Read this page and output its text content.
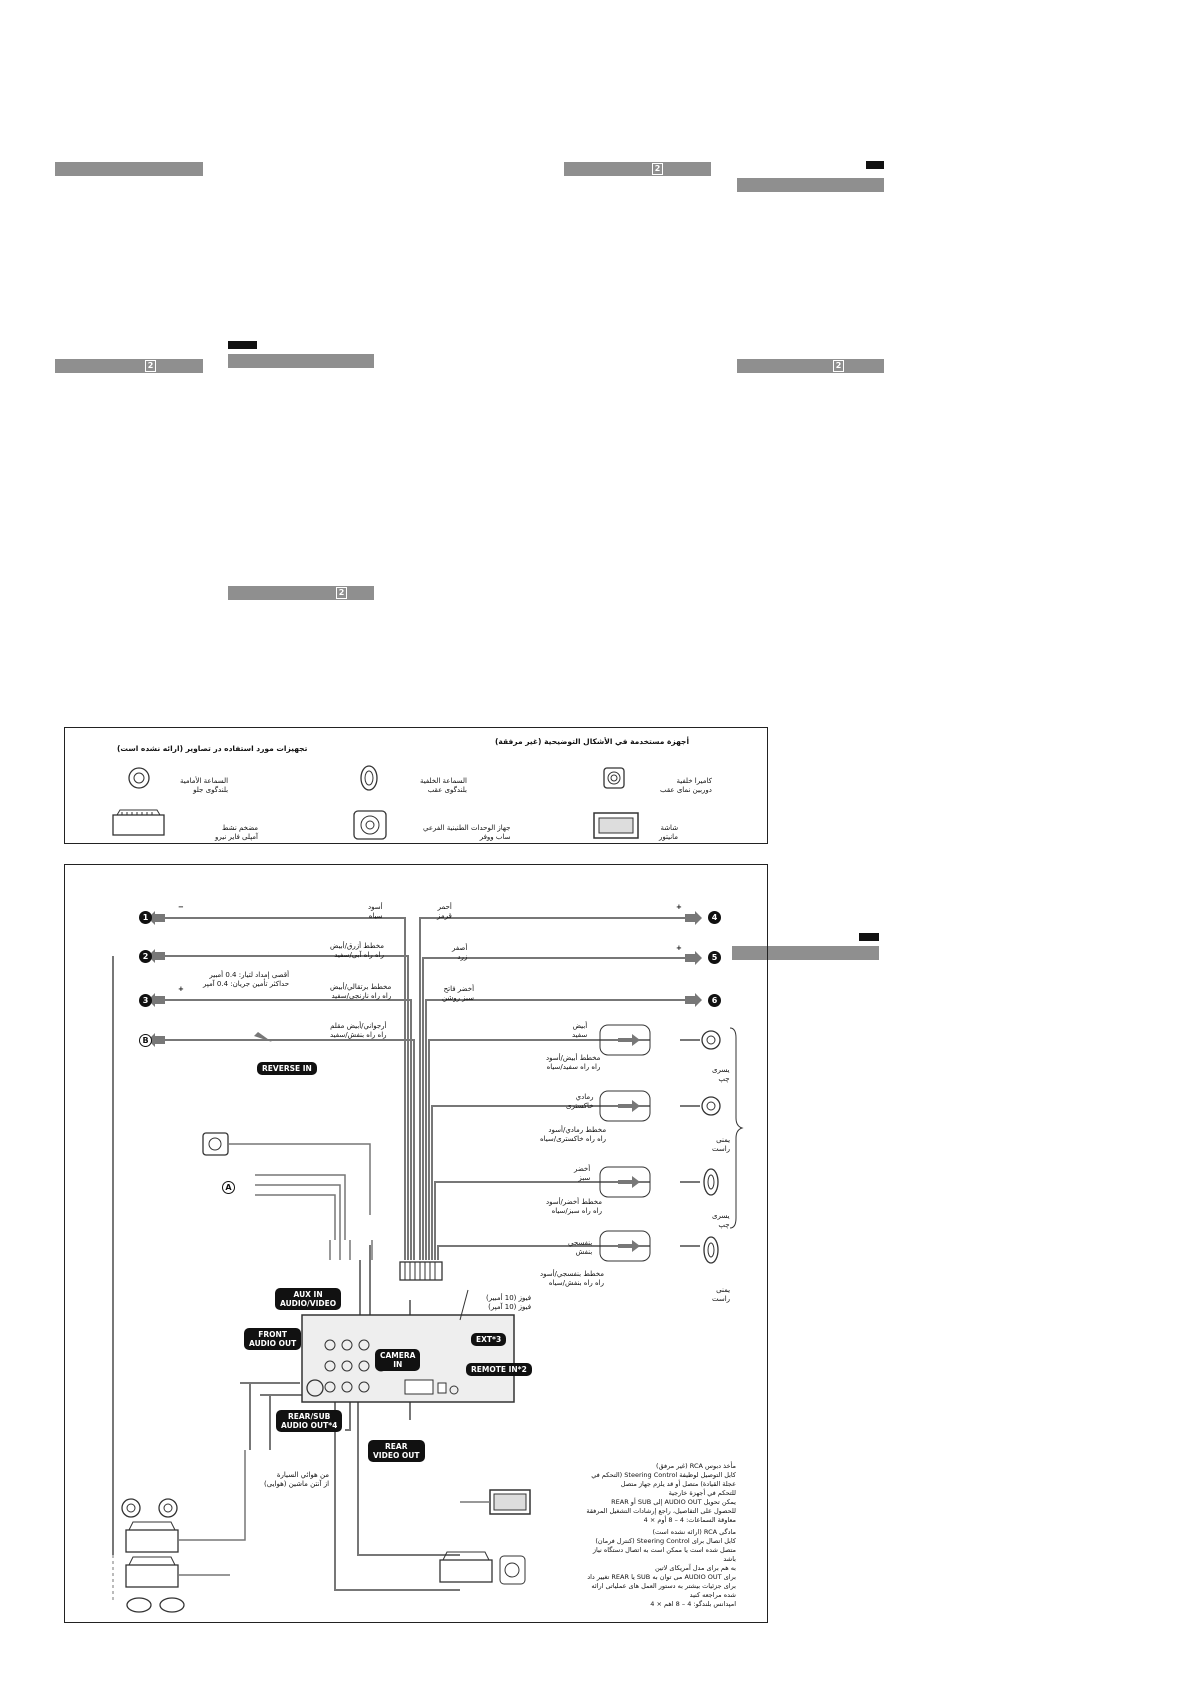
2
2	2
2
أجهزة مستخدمة في الأشكال التوضيحية (غير مرفقة)
تجهيزات مورد استفاده در تصاوير (ارائه نشده است)
كاميرا خلفية
دوربين نمای عقب
السماعة الخلفية
بلندگوی عقب
السماعة الأمامية
بلندگوی جلو
شاشة
مانيتور
جهاز الوحدات الطنينية الفرعي
ساب ووفر
مضخم نشط
آمپلی فاير نيرو
1
2
3
B
4
5
6
A
−
+
+
+
أسود
سياه
مخطط أزرق/أبيض
راه راه آبی/سفيد
مخطط برتقالي/أبيض
راه راه نارنجی/سفيد
أرجواني/أبيض مقلم
راه راه بنفش/سفيد
أحمر
قرمز
أصفر
زرد
أخضر فاتح
سبز روشن
أقصى إمداد لتيار: 0.4 أمبير
حداکثر تأمين جريان: 0.4 آمپر
أبيض
سفيد
مخطط أبيض/أسود
راه راه سفيد/سياه
رمادي
خاکستری
مخطط رمادي/أسود
راه راه خاکستری/سياه
أخضر
سبز
مخطط أخضر/أسود
راه راه سبز/سياه
بنفسجي
بنفش
مخطط بنفسجي/أسود
راه راه بنفش/سياه
يسرى
چپ
يمنى
راست
يسرى
چپ
يمنى
راست
REVERSE IN
AUX IN
AUDIO/VIDEO
FRONT
AUDIO OUT
CAMERA
IN
REAR/SUB
AUDIO OUT*4
REAR
VIDEO OUT
EXT*3
REMOTE IN*2
فيوز (10 أمبير)
فيوز (10 آمپر)
من هوائي السيارة
از آنتن ماشين (هوايی)
مأخذ دبوس RCA (غير مرفق)
كابل التوصيل لوظيفة Steering Control (التحكم في عجلة القيادة) متصل أو قد يلزم جهاز متصل
للتحكم في أجهزة خارجية
يمكن تحويل AUDIO OUT إلى SUB أو REAR
للحصول على التفاصيل، راجع إرشادات التشغيل المرفقة
معاوقة السماعات: 4 – 8 أوم × 4
مادگی RCA (ارائه نشده است)
کابل اتصال برای Steering Control (کنترل فرمان) متصل شده است يا ممکن است به اتصال دستگاه نياز باشد
به هم برای مدل آمریکای لاتين
برای AUDIO OUT می توان به SUB یا REAR تغيير داد
برای جزئيات بيشتر به دستور العمل های عملياتی ارائه شده مراجعه کنيد
امپدانس بلندگو: 4 – 8 اهم × 4
